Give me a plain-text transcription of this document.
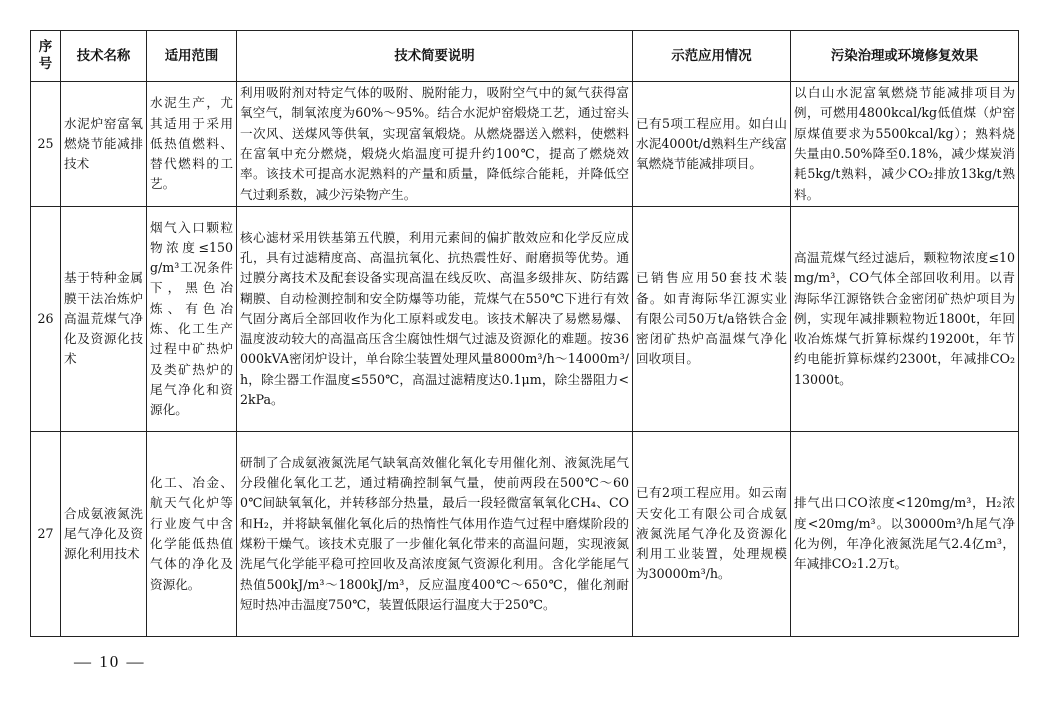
序号	技术名称	适用范围	技术简要说明	示范应用情况	污染治理或环境修复效果
25	水泥炉窑富氧燃烧节能减排技术	水泥生产，尤其适用于采用低热值燃料、替代燃料的工艺。	利用吸附剂对特定气体的吸附、脱附能力，吸附空气中的氮气获得富氧空气，制氧浓度为60%～95%。结合水泥炉窑煅烧工艺，通过窑头一次风、送煤风等供氧，实现富氧煅烧。从燃烧器送入燃料，使燃料在富氧中充分燃烧，煅烧火焰温度可提升约100℃，提高了燃烧效率。该技术可提高水泥熟料的产量和质量，降低综合能耗，并降低空气过剩系数，减少污染物产生。	已有5项工程应用。如白山水泥4000t/d熟料生产线富氧燃烧节能减排项目。	以白山水泥富氧燃烧节能减排项目为例，可燃用4800kcal/kg低值煤（炉窑原煤值要求为5500kcal/kg）；熟料烧失量由0.50%降至0.18%，减少煤炭消耗5kg/t熟料，减少CO₂排放13kg/t熟料。
26	基于特种金属膜干法冶炼炉高温荒煤气净化及资源化技术	烟气入口颗粒物浓度≤150g/m³工况条件下，黑色冶炼、有色冶炼、化工生产过程中矿热炉及类矿热炉的尾气净化和资源化。	核心滤材采用铁基第五代膜，利用元素间的偏扩散效应和化学反应成孔，具有过滤精度高、高温抗氧化、抗热震性好、耐磨损等优势。通过膜分离技术及配套设备实现高温在线反吹、高温多级排灰、防结露糊膜、自动检测控制和安全防爆等功能，荒煤气在550℃下进行有效气固分离后全部回收作为化工原料或发电。该技术解决了易燃易爆、温度波动较大的高温高压含尘腐蚀性烟气过滤及资源化的难题。按36000kVA密闭炉设计，单台除尘装置处理风量8000m³/h～14000m³/h，除尘器工作温度≤550℃，高温过滤精度达0.1μm，除尘器阻力<2kPa。	已销售应用50套技术装备。如青海际华江源实业有限公司50万t/a铬铁合金密闭矿热炉高温煤气净化回收项目。	高温荒煤气经过滤后，颗粒物浓度≤10mg/m³，CO气体全部回收利用。以青海际华江源铬铁合金密闭矿热炉项目为例，实现年减排颗粒物近1800t，年回收冶炼煤气折算标煤约19200t，年节约电能折算标煤约2300t，年减排CO₂13000t。
27	合成氨液氮洗尾气净化及资源化利用技术	化工、冶金、航天气化炉等行业废气中含化学能低热值气体的净化及资源化。	研制了合成氨液氮洗尾气缺氧高效催化氧化专用催化剂、液氮洗尾气分段催化氧化工艺，通过精确控制氧气量，使前两段在500℃～600℃间缺氧氧化，并转移部分热量，最后一段轻微富氧氧化CH₄、CO和H₂，并将缺氧催化氧化后的热惰性气体用作造气过程中磨煤阶段的煤粉干燥气。该技术克服了一步催化氧化带来的高温问题，实现液氮洗尾气化学能平稳可控回收及高浓度氮气资源化利用。含化学能尾气热值500kJ/m³～1800kJ/m³，反应温度400℃～650℃，催化剂耐短时热冲击温度750℃，装置低限运行温度大于250℃。	已有2项工程应用。如云南天安化工有限公司合成氨液氮洗尾气净化及资源化利用工业装置，处理规模为30000m³/h。	排气出口CO浓度<120mg/m³，H₂浓度<20mg/m³。以30000m³/h尾气净化为例，年净化液氮洗尾气2.4亿m³，年减排CO₂1.2万t。
— 10 —
